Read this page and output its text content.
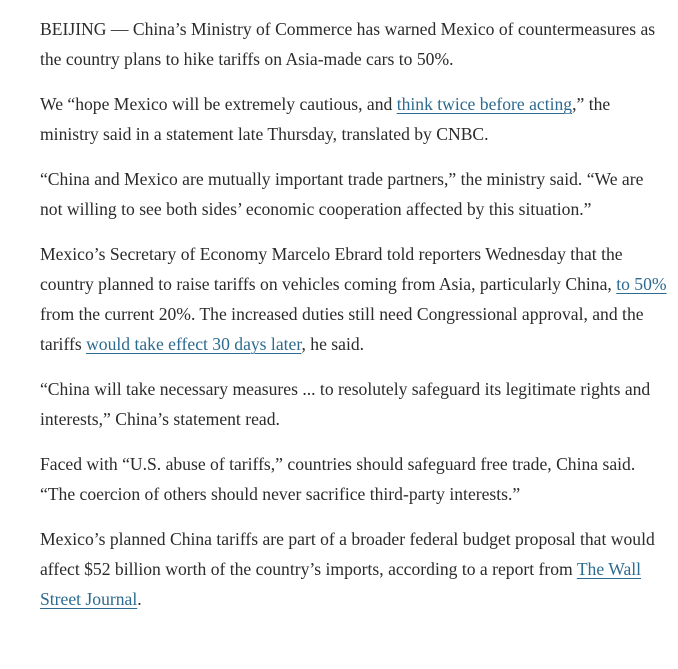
BEIJING — China’s Ministry of Commerce has warned Mexico of countermeasures as the country plans to hike tariffs on Asia-made cars to 50%.

We “hope Mexico will be extremely cautious, and think twice before acting,” the ministry said in a statement late Thursday, translated by CNBC.

“China and Mexico are mutually important trade partners,” the ministry said. “We are not willing to see both sides’ economic cooperation affected by this situation.”

Mexico’s Secretary of Economy Marcelo Ebrard told reporters Wednesday that the country planned to raise tariffs on vehicles coming from Asia, particularly China, to 50% from the current 20%. The increased duties still need Congressional approval, and the tariffs would take effect 30 days later, he said.

“China will take necessary measures ... to resolutely safeguard its legitimate rights and interests,” China’s statement read.

Faced with “U.S. abuse of tariffs,” countries should safeguard free trade, China said. “The coercion of others should never sacrifice third-party interests.”

Mexico’s planned China tariffs are part of a broader federal budget proposal that would affect $52 billion worth of the country’s imports, according to a report from The Wall Street Journal.
